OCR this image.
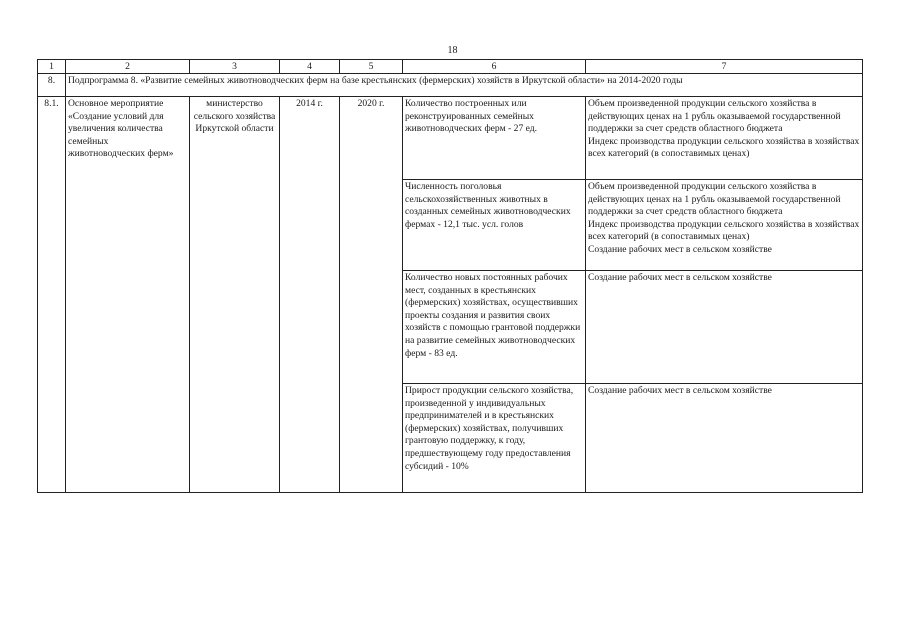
18
1	2	3	4	5	6	7
8.	Подпрограмма 8. «Развитие семейных животноводческих ферм на базе крестьянских (фермерских) хозяйств в Иркутской области» на 2014-2020 годы					
8.1.	Основное мероприятие «Создание условий для увеличения количества семейных животноводческих ферм»	министерство сельского хозяйства Иркутской области	2014 г.	2020 г.	Количество построенных или реконструированных семейных животноводческих ферм - 27 ед.	Объем произведенной продукции сельского хозяйства в действующих ценах на 1 рубль оказываемой государственной поддержки за счет средств областного бюджета
Индекс производства продукции сельского хозяйства в хозяйствах всех категорий (в сопоставимых ценах)

					Численность поголовья сельскохозяйственных животных в созданных семейных животноводческих фермах - 12,1 тыс. усл. голов	Объем произведенной продукции сельского хозяйства в действующих ценах на 1 рубль оказываемой государственной поддержки за счет средств областного бюджета
Индекс производства продукции сельского хозяйства в хозяйствах всех категорий (в сопоставимых ценах)
Создание рабочих мест в сельском хозяйстве

					Количество новых постоянных рабочих мест, созданных в крестьянских (фермерских) хозяйствах, осуществивших проекты создания и развития своих хозяйств с помощью грантовой поддержки на развитие семейных животноводческих ферм - 83 ед.	Создание рабочих мест в сельском хозяйстве

					Прирост продукции сельского хозяйства, произведенной у индивидуальных предпринимателей и в крестьянских (фермерских) хозяйствах, получивших грантовую поддержку, к году, предшествующему году предоставления субсидий - 10%	Создание рабочих мест в сельском хозяйстве
